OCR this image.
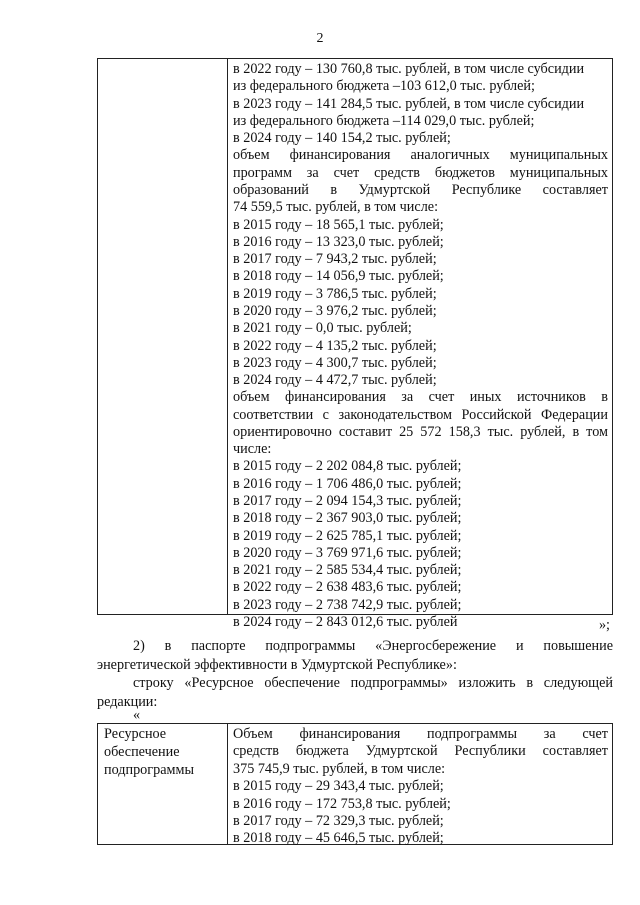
2
в 2022 году – 130 760,8 тыс. рублей, в том числе субсидии
из федерального бюджета –103 612,0 тыс. рублей;
в 2023 году – 141 284,5 тыс. рублей, в том числе субсидии
из федерального бюджета –114 029,0 тыс. рублей;
в 2024 году – 140 154,2 тыс. рублей;
объем финансирования аналогичных муниципальных
программ за счет средств бюджетов муниципальных
образований в Удмуртской Республике составляет
74 559,5 тыс. рублей, в том числе:
в 2015 году – 18 565,1 тыс. рублей;
в 2016 году – 13 323,0 тыс. рублей;
в 2017 году – 7 943,2 тыс. рублей;
в 2018 году – 14 056,9 тыс. рублей;
в 2019 году – 3 786,5 тыс. рублей;
в 2020 году – 3 976,2 тыс. рублей;
в 2021 году – 0,0 тыс. рублей;
в 2022 году – 4 135,2 тыс. рублей;
в 2023 году – 4 300,7 тыс. рублей;
в 2024 году – 4 472,7 тыс. рублей;
объем финансирования за счет иных источников в
соответствии с законодательством Российской Федерации
ориентировочно составит 25 572 158,3 тыс. рублей, в том
числе:
в 2015 году – 2 202 084,8 тыс. рублей;
в 2016 году – 1 706 486,0 тыс. рублей;
в 2017 году – 2 094 154,3 тыс. рублей;
в 2018 году – 2 367 903,0 тыс. рублей;
в 2019 году – 2 625 785,1 тыс. рублей;
в 2020 году – 3 769 971,6 тыс. рублей;
в 2021 году – 2 585 534,4 тыс. рублей;
в 2022 году – 2 638 483,6 тыс. рублей;
в 2023 году – 2 738 742,9 тыс. рублей;
в 2024 году – 2 843 012,6 тыс. рублей	»;
2) в паспорте подпрограммы «Энергосбережение и повышение
энергетической эффективности в Удмуртской Республике»:
строку «Ресурсное обеспечение подпрограммы» изложить в следующей
редакции:
«
Ресурсное
обеспечение
подпрограммы
Объем финансирования подпрограммы за счет
средств бюджета Удмуртской Республики составляет
375 745,9 тыс. рублей, в том числе:
в 2015 году – 29 343,4 тыс. рублей;
в 2016 году – 172 753,8 тыс. рублей;
в 2017 году – 72 329,3 тыс. рублей;
в 2018 году – 45 646,5 тыс. рублей;
